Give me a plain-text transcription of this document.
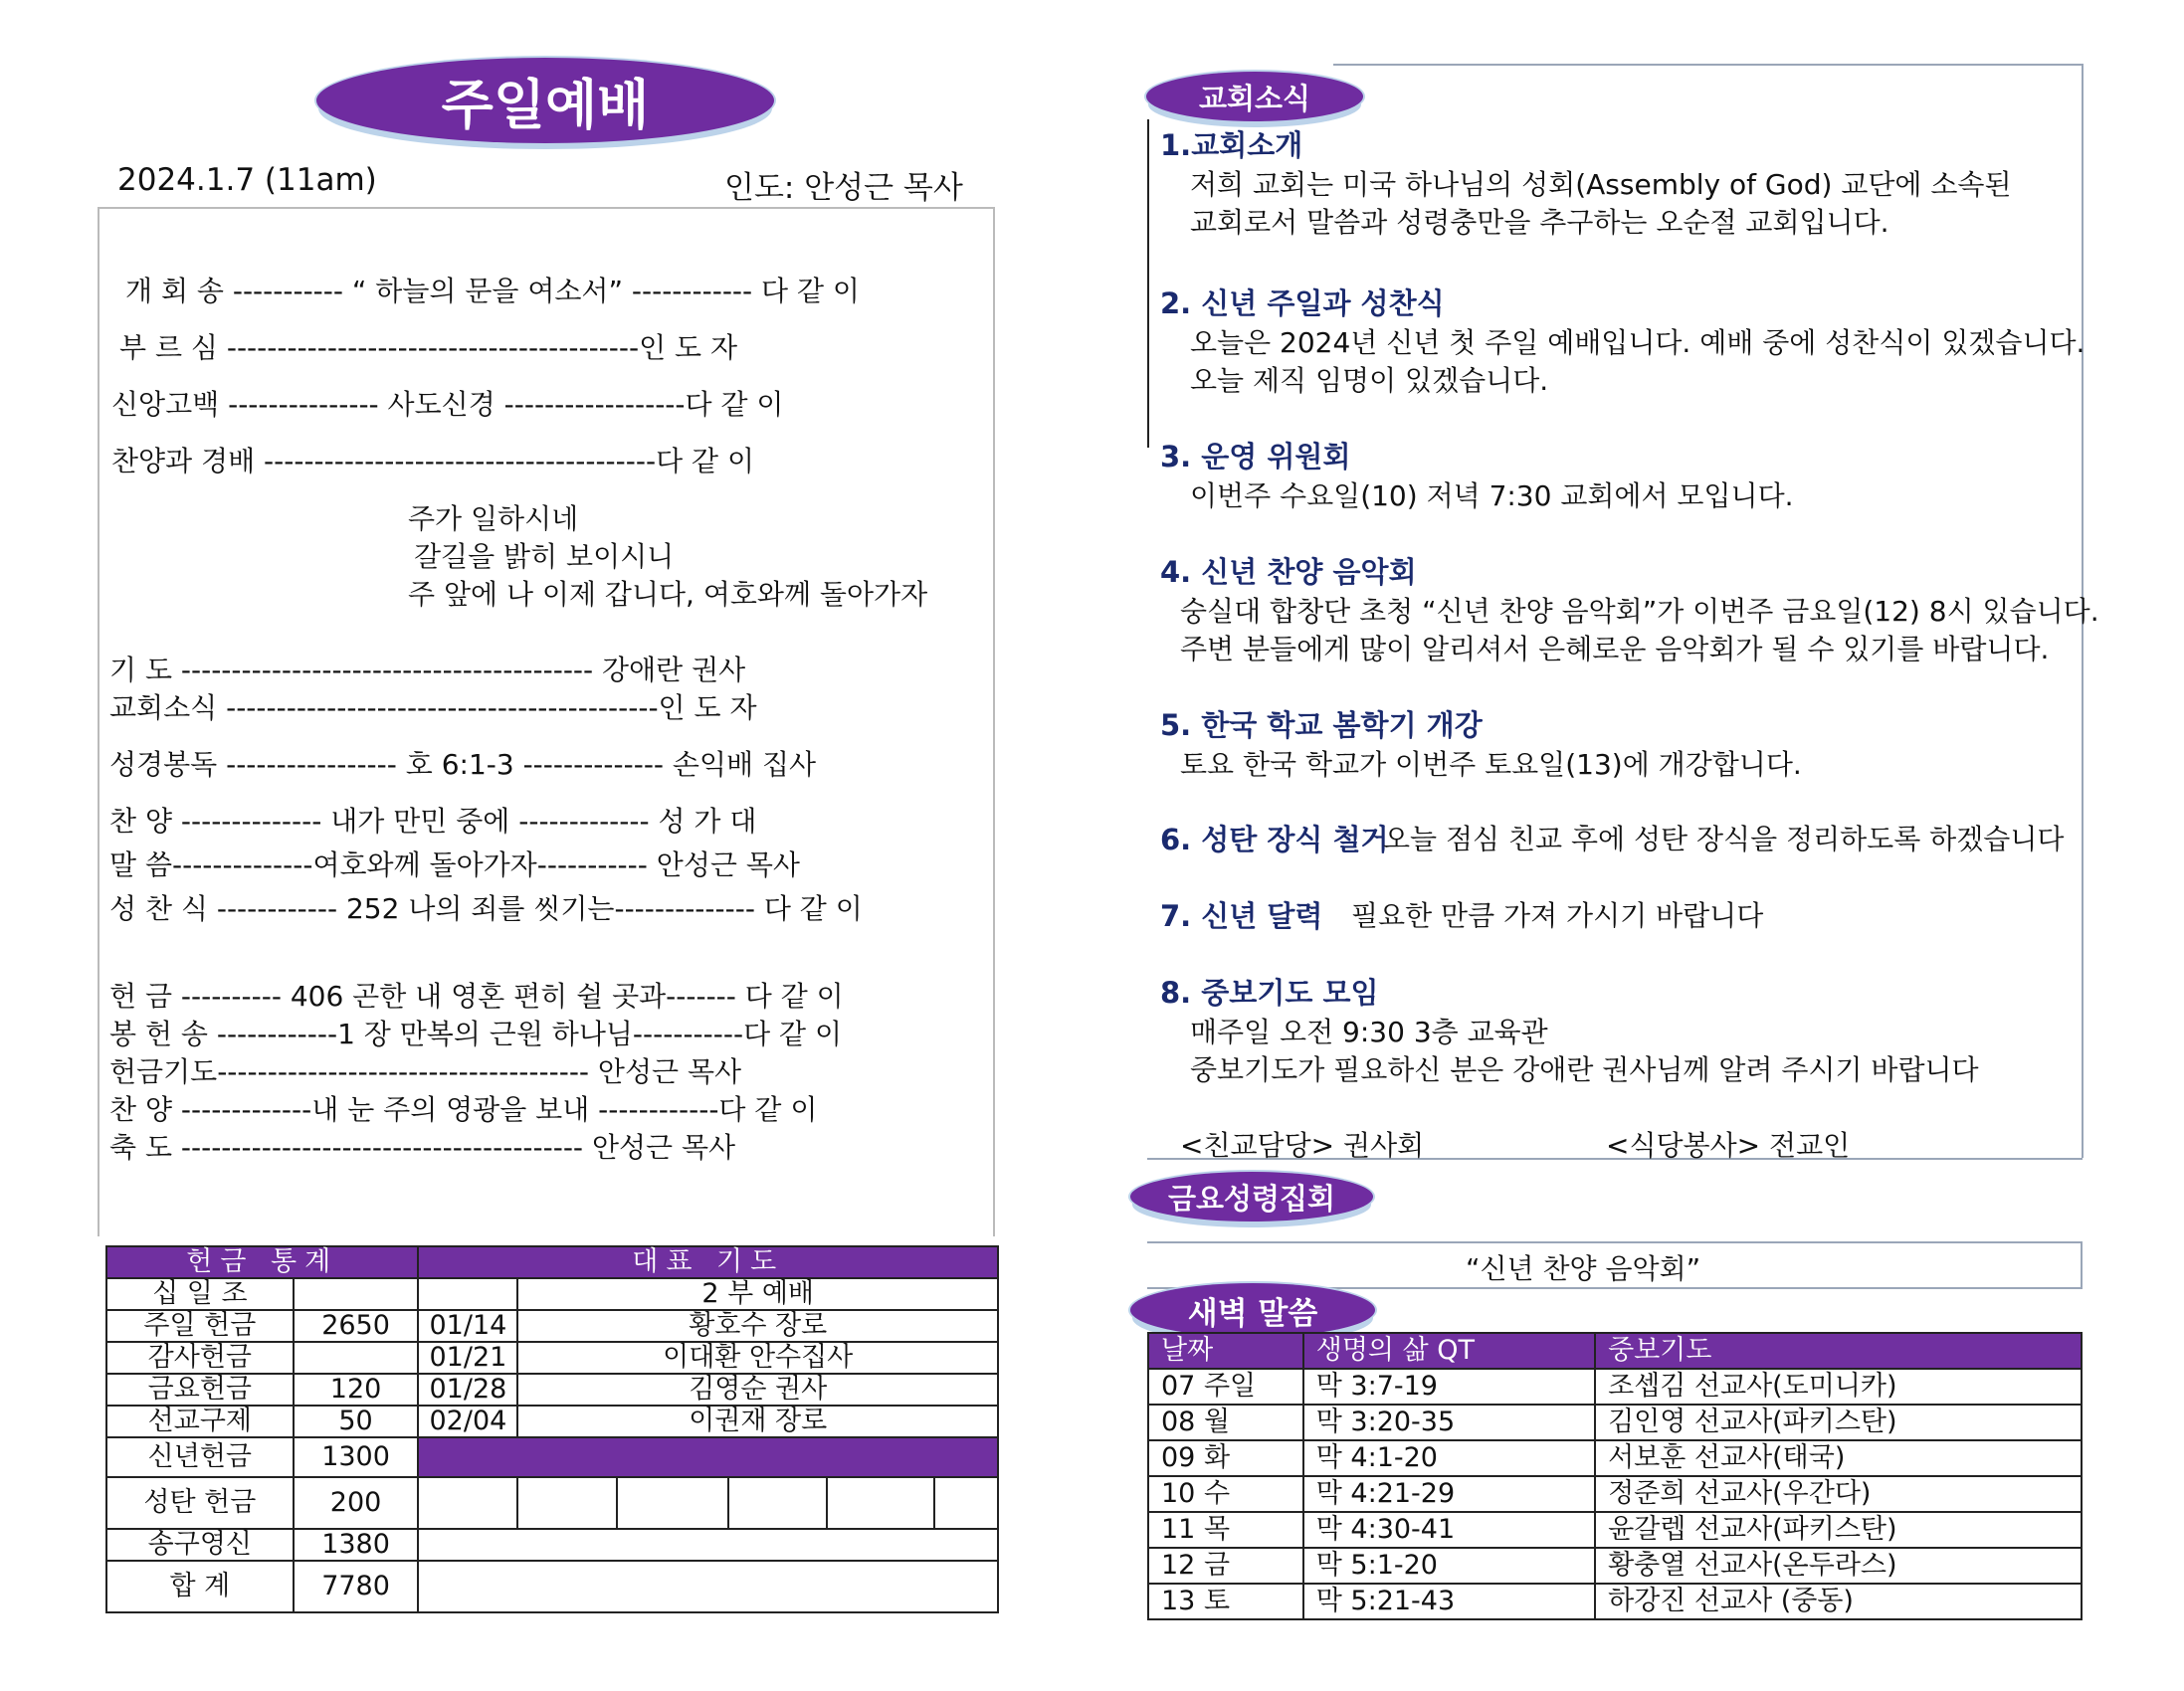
주일예배
2024.1.7 (11am)	인도: 안성근 목사
개 회 송 ----------- “ 하늘의 문을 여소서” ------------ 다 같 이
부 르 심 -----------------------------------------인 도 자
신앙고백 --------------- 사도신경 ------------------다 같 이
찬양과 경배 ---------------------------------------다 같 이
주가 일하시네
갈길을 밝히 보이시니
주 앞에 나 이제 갑니다, 여호와께 돌아가자
기 도 ----------------------------------------- 강애란 권사
교회소식 -------------------------------------------인 도 자
성경봉독 ----------------- 호 6:1-3 -------------- 손익배 집사
찬 양 -------------- 내가 만민 중에 ------------- 성 가 대
말 씀--------------여호와께 돌아가자----------- 안성근 목사
성 찬 식 ------------ 252 나의 죄를 씻기는-------------- 다 같 이
헌 금 ---------- 406 곤한 내 영혼 편히 쉴 곳과------- 다 같 이
봉 헌 송 ------------1 장 만복의 근원 하나님-----------다 같 이
헌금기도------------------------------------- 안성근 목사
찬 양 -------------내 눈 주의 영광을 보내 ------------다 같 이
축 도 ---------------------------------------- 안성근 목사
헌금 통계		대표 기도					
십 일 조			2 부 예배				
주일 헌금	2650	01/14	황호수 장로				
감사헌금		01/21	이대환 안수집사				
금요헌금	120	01/28	김영순 권사				
선교구제	50	02/04	이권재 장로				
신년헌금	1300						
성탄 헌금	200						
송구영신	1380						
합 계	7780						
교회소식
1.교회소개
저희 교회는 미국 하나님의 성회(Assembly of God) 교단에 소속된
교회로서 말씀과 성령충만을 추구하는 오순절 교회입니다.
2. 신년 주일과 성찬식
오늘은 2024년 신년 첫 주일 예배입니다. 예배 중에 성찬식이 있겠습니다.
오늘 제직 임명이 있겠습니다.
3. 운영 위원회
이번주 수요일(10) 저녁 7:30 교회에서 모입니다.
4. 신년 찬양 음악회
숭실대 합창단 초청 “신년 찬양 음악회”가 이번주 금요일(12) 8시 있습니다.
주변 분들에게 많이 알리셔서 은혜로운 음악회가 될 수 있기를 바랍니다.
5. 한국 학교 봄학기 개강
토요 한국 학교가 이번주 토요일(13)에 개강합니다.
6. 성탄 장식 철거
오늘 점심 친교 후에 성탄 장식을 정리하도록 하겠습니다
7. 신년 달력 필요한 만큼 가져 가시기 바랍니다
8. 중보기도 모임
매주일 오전 9:30 3층 교육관
중보기도가 필요하신 분은 강애란 권사님께 알려 주시기 바랍니다
<친교담당> 권사회	<식당봉사> 전교인
금요성령집회
“신년 찬양 음악회”
새벽 말씀
날짜	생명의 삶 QT	중보기도
07 주일	막 3:7-19	조셉김 선교사(도미니카)
08 월	막 3:20-35	김인영 선교사(파키스탄)
09 화	막 4:1-20	서보훈 선교사(태국)
10 수	막 4:21-29	정준희 선교사(우간다)
11 목	막 4:30-41	윤갈렙 선교사(파키스탄)
12 금	막 5:1-20	황충열 선교사(온두라스)
13 토	막 5:21-43	하강진 선교사 (중동)
